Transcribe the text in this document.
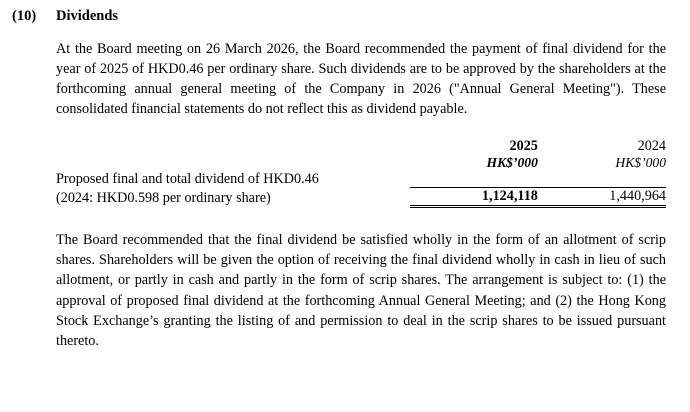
(10)	Dividends

At the Board meeting on 26 March 2026, the Board recommended the payment of final dividend for the year of 2025 of HKD0.46 per ordinary share. Such dividends are to be approved by the shareholders at the forthcoming annual general meeting of the Company in 2026 ("Annual General Meeting"). These consolidated financial statements do not reflect this as dividend payable.

	2025	2024
	HK$’000	HK$’000
Proposed final and total dividend of HKD0.46		
(2024: HKD0.598 per ordinary share)	1,124,118	1,440,964

The Board recommended that the final dividend be satisfied wholly in the form of an allotment of scrip shares. Shareholders will be given the option of receiving the final dividend wholly in cash in lieu of such allotment, or partly in cash and partly in the form of scrip shares. The arrangement is subject to: (1) the approval of proposed final dividend at the forthcoming Annual General Meeting; and (2) the Hong Kong Stock Exchange’s granting the listing of and permission to deal in the scrip shares to be issued pursuant thereto.
